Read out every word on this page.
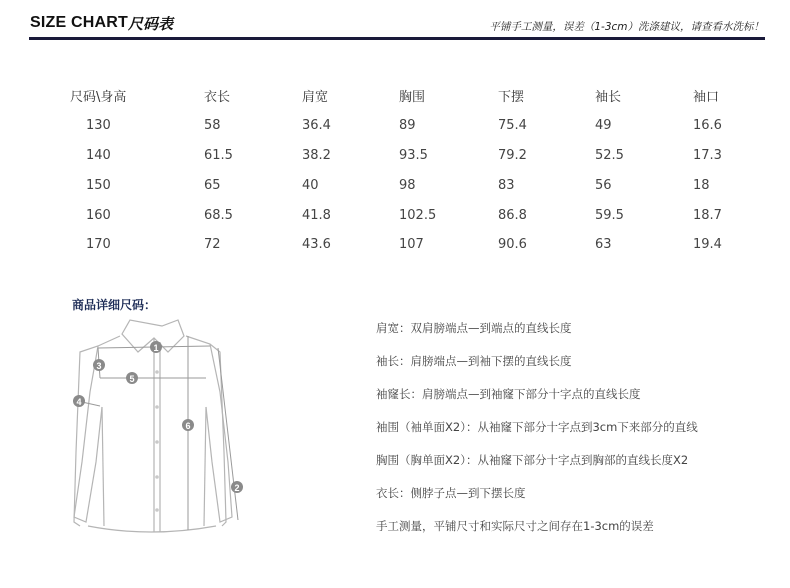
SIZE CHART 尺码表	平铺手工测量，误差（1-3cm）洗涤建议，请查看水洗标！
尺码\身高	衣长	肩宽	胸围	下摆	袖长	袖口
130	58	36.4	89	75.4	49	16.6
140	61.5	38.2	93.5	79.2	52.5	17.3
150	65	40	98	83	56	18
160	68.5	41.8	102.5	86.8	59.5	18.7
170	72	43.6	107	90.6	63	19.4
商品详细尺码：
1
2
3
4
5
6
肩宽：双肩膀端点—到端点的直线长度
袖长：肩膀端点—到袖下摆的直线长度
袖窿长：肩膀端点—到袖窿下部分十字点的直线长度
袖围（袖单面X2）：从袖窿下部分十字点到3cm下来部分的直线
胸围（胸单面X2）：从袖窿下部分十字点到胸部的直线长度X2
衣长：侧脖子点—到下摆长度
手工测量，平铺尺寸和实际尺寸之间存在1-3cm的误差
